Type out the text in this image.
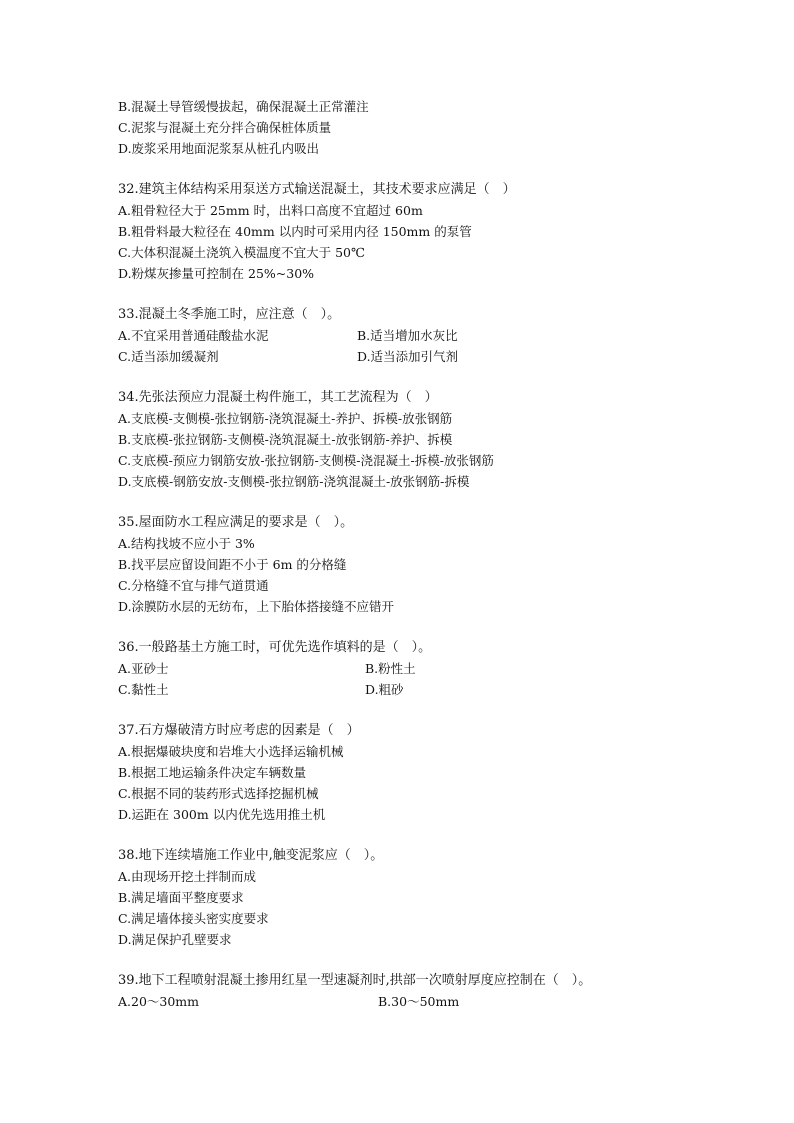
B.混凝土导管缓慢拔起，确保混凝土正常灌注
C.泥浆与混凝土充分拌合确保桩体质量
D.废浆采用地面泥浆泵从桩孔内吸出
32.建筑主体结构采用泵送方式输送混凝土，其技术要求应满足（　）
A.粗骨粒径大于 25mm 时，出料口高度不宜超过 60m
B.粗骨料最大粒径在 40mm 以内时可采用内径 150mm 的泵管
C.大体积混凝土浇筑入模温度不宜大于 50℃
D.粉煤灰掺量可控制在 25%~30%
33.混凝土冬季施工时，应注意（　）。
A.不宜采用普通硅酸盐水泥	B.适当增加水灰比
C.适当添加缓凝剂	D.适当添加引气剂
34.先张法预应力混凝土构件施工，其工艺流程为（　）
A.支底模-支侧模-张拉钢筋-浇筑混凝土-养护、拆模-放张钢筋
B.支底模-张拉钢筋-支侧模-浇筑混凝土-放张钢筋-养护、拆模
C.支底模-预应力钢筋安放-张拉钢筋-支侧模-浇混凝土-拆模-放张钢筋
D.支底模-钢筋安放-支侧模-张拉钢筋-浇筑混凝土-放张钢筋-拆模
35.屋面防水工程应满足的要求是（　）。
A.结构找坡不应小于 3%
B.找平层应留设间距不小于 6m 的分格缝
C.分格缝不宜与排气道贯通
D.涂膜防水层的无纺布，上下胎体搭接缝不应错开
36.一般路基土方施工时，可优先选作填料的是（　）。
A.亚砂士	B.粉性土
C.黏性土	D.粗砂
37.石方爆破清方时应考虑的因素是（　）
A.根据爆破块度和岩堆大小选择运输机械
B.根据工地运输条件决定车辆数量
C.根据不同的装药形式选择挖掘机械
D.运距在 300m 以内优先选用推土机
38.地下连续墙施工作业中,触变泥浆应（　）。
A.由现场开挖土拌制而成
B.满足墙面平整度要求
C.满足墙体接头密实度要求
D.满足保护孔壁要求
39.地下工程喷射混凝土掺用红星一型速凝剂时,拱部一次喷射厚度应控制在（　）。
A.20～30mm	B.30～50mm
